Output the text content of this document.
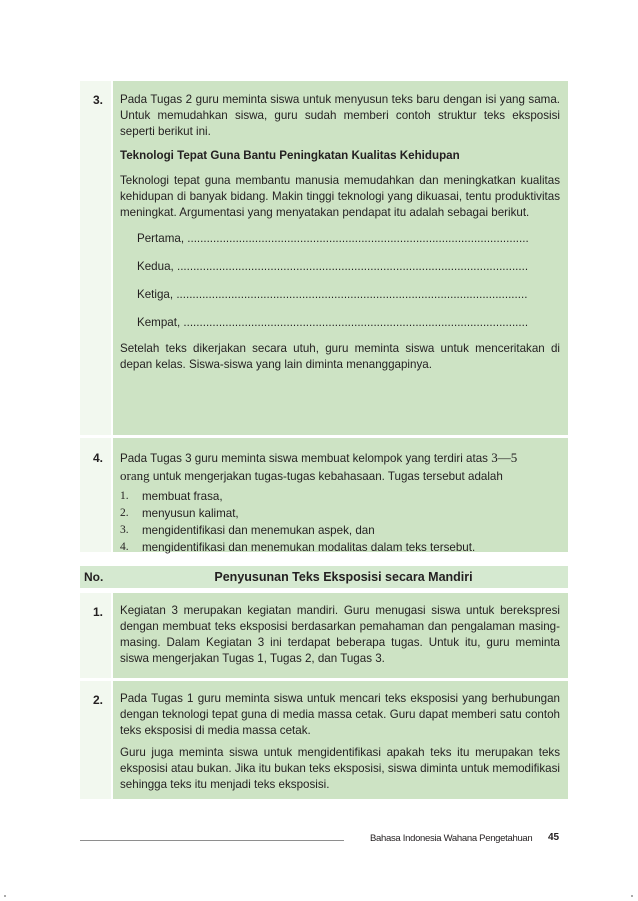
3.	Pada Tugas 2 guru meminta siswa untuk menyusun teks baru dengan isi yang sama. Untuk memudahkan siswa, guru sudah memberi contoh struktur teks eksposisi seperti berikut ini.

Teknologi Tepat Guna Bantu Peningkatan Kualitas Kehidupan

Teknologi tepat guna membantu manusia memudahkan dan meningkatkan kualitas kehidupan di banyak bidang. Makin tinggi teknologi yang dikuasai, tentu produktivitas meningkat. Argumentasi yang menyatakan pendapat itu adalah sebagai berikut.

Pertama, ..........................................................................................................

Kedua, .............................................................................................................

Ketiga, .............................................................................................................

Kempat, ...........................................................................................................

Setelah teks dikerjakan secara utuh, guru meminta siswa untuk menceritakan di depan kelas. Siswa-siswa yang lain diminta menanggapinya.

4.	Pada Tugas 3 guru meminta siswa membuat kelompok yang terdiri atas 3—5
orang untuk mengerjakan tugas-tugas kebahasaan. Tugas tersebut adalah

1.	membuat frasa,
2.	menyusun kalimat,
3.	mengidentifikasi dan menemukan aspek, dan
4.	mengidentifikasi dan menemukan modalitas dalam teks tersebut.
No.	Penyusunan Teks Eksposisi secara Mandiri
1.	Kegiatan 3 merupakan kegiatan mandiri. Guru menugasi siswa untuk berekspresi dengan membuat teks eksposisi berdasarkan pemahaman dan pengalaman masing-masing. Dalam Kegiatan 3 ini terdapat beberapa tugas. Untuk itu, guru meminta siswa mengerjakan Tugas 1, Tugas 2, dan Tugas 3.

2.	Pada Tugas 1 guru meminta siswa untuk mencari teks eksposisi yang berhubungan dengan teknologi tepat guna di media massa cetak. Guru dapat memberi satu contoh teks eksposisi di media massa cetak.

Guru juga meminta siswa untuk mengidentifikasi apakah teks itu merupakan teks eksposisi atau bukan. Jika itu bukan teks eksposisi, siswa diminta untuk memodifikasi sehingga teks itu menjadi teks eksposisi.

Bahasa Indonesia Wahana Pengetahuan 45
